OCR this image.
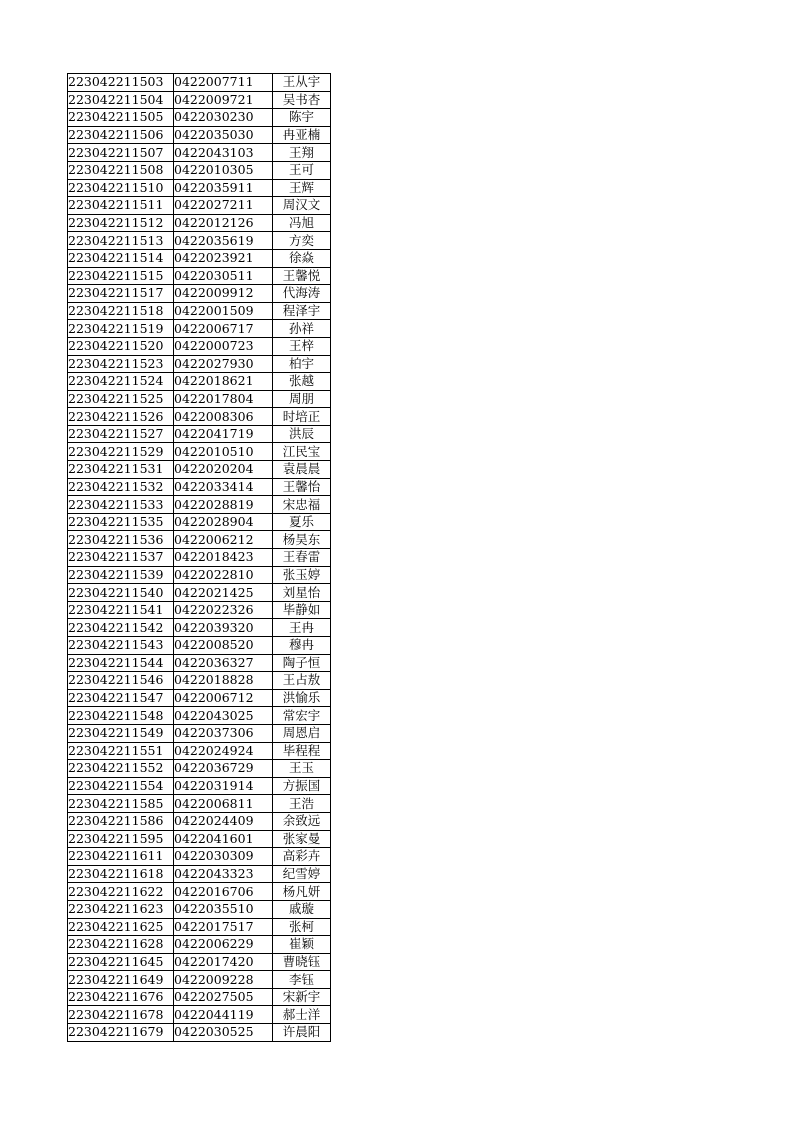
223042211503	0422007711	王从宇
223042211504	0422009721	吴书杏
223042211505	0422030230	陈宇
223042211506	0422035030	冉亚楠
223042211507	0422043103	王翔
223042211508	0422010305	王可
223042211510	0422035911	王辉
223042211511	0422027211	周汉文
223042211512	0422012126	冯旭
223042211513	0422035619	方奕
223042211514	0422023921	徐焱
223042211515	0422030511	王馨悦
223042211517	0422009912	代海涛
223042211518	0422001509	程泽宇
223042211519	0422006717	孙祥
223042211520	0422000723	王梓
223042211523	0422027930	柏宇
223042211524	0422018621	张越
223042211525	0422017804	周朋
223042211526	0422008306	时培正
223042211527	0422041719	洪辰
223042211529	0422010510	江民宝
223042211531	0422020204	袁晨晨
223042211532	0422033414	王馨怡
223042211533	0422028819	宋忠福
223042211535	0422028904	夏乐
223042211536	0422006212	杨昊东
223042211537	0422018423	王春雷
223042211539	0422022810	张玉婷
223042211540	0422021425	刘星怡
223042211541	0422022326	毕静如
223042211542	0422039320	王冉
223042211543	0422008520	穆冉
223042211544	0422036327	陶子恒
223042211546	0422018828	王占敖
223042211547	0422006712	洪愉乐
223042211548	0422043025	常宏宇
223042211549	0422037306	周恩启
223042211551	0422024924	毕程程
223042211552	0422036729	王玉
223042211554	0422031914	方振国
223042211585	0422006811	王浩
223042211586	0422024409	余致远
223042211595	0422041601	张家曼
223042211611	0422030309	高彩卉
223042211618	0422043323	纪雪婷
223042211622	0422016706	杨凡妍
223042211623	0422035510	戚璇
223042211625	0422017517	张柯
223042211628	0422006229	崔颖
223042211645	0422017420	曹晓钰
223042211649	0422009228	李钰
223042211676	0422027505	宋新宇
223042211678	0422044119	郝士洋
223042211679	0422030525	许晨阳
